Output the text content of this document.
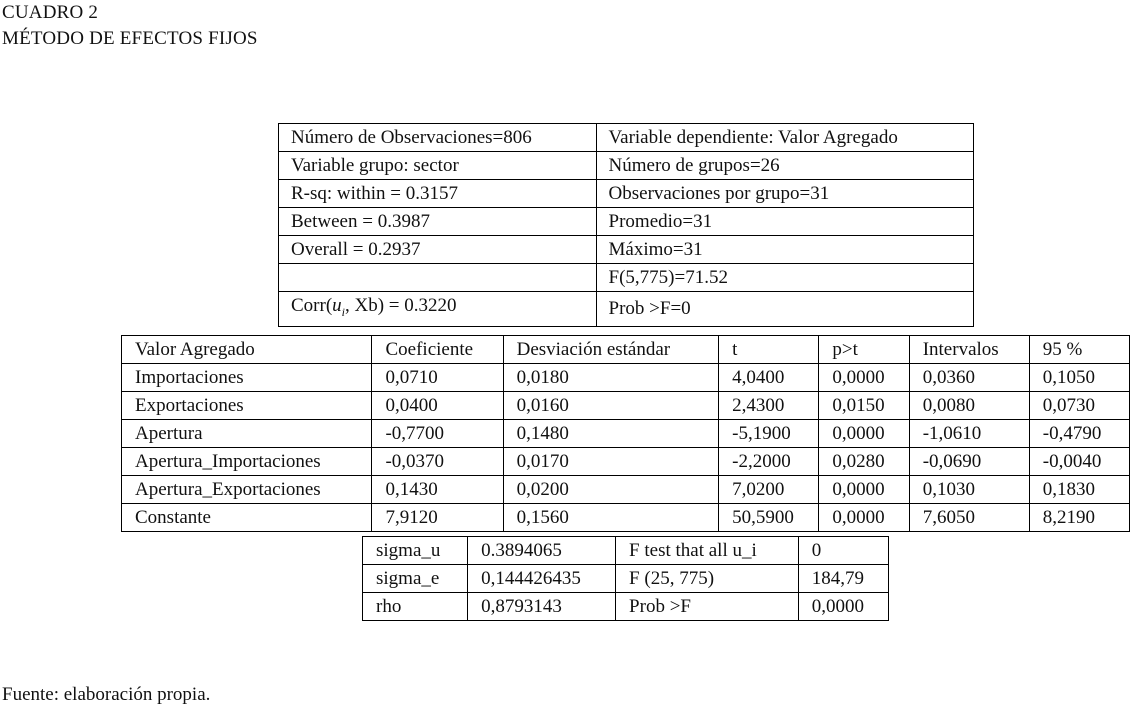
CUADRO 2
MÉTODO DE EFECTOS FIJOS
Número de Observaciones=806	Variable dependiente: Valor Agregado
Variable grupo: sector	Número de grupos=26
R-sq: within = 0.3157	Observaciones por grupo=31
Between = 0.3987	Promedio=31
Overall = 0.2937	Máximo=31
	F(5,775)=71.52
$Corr(u_i$, Xb) = 0.3220	Prob >F=0
Valor Agregado	Coeficiente	Desviación estándar	t	p>t	Intervalos	95 %
Importaciones	0,0710	0,0180	4,0400	0,0000	0,0360	0,1050
Exportaciones	0,0400	0,0160	2,4300	0,0150	0,0080	0,0730
Apertura	-0,7700	0,1480	-5,1900	0,0000	-1,0610	-0,4790
Apertura_Importaciones	-0,0370	0,0170	-2,2000	0,0280	-0,0690	-0,0040
Apertura_Exportaciones	0,1430	0,0200	7,0200	0,0000	0,1030	0,1830
Constante	7,9120	0,1560	50,5900	0,0000	7,6050	8,2190
sigma_u	0.3894065	F test that all u_i	0
sigma_e	0,144426435	F (25, 775)	184,79
rho	0,8793143	Prob >F	0,0000
Fuente: elaboración propia.
